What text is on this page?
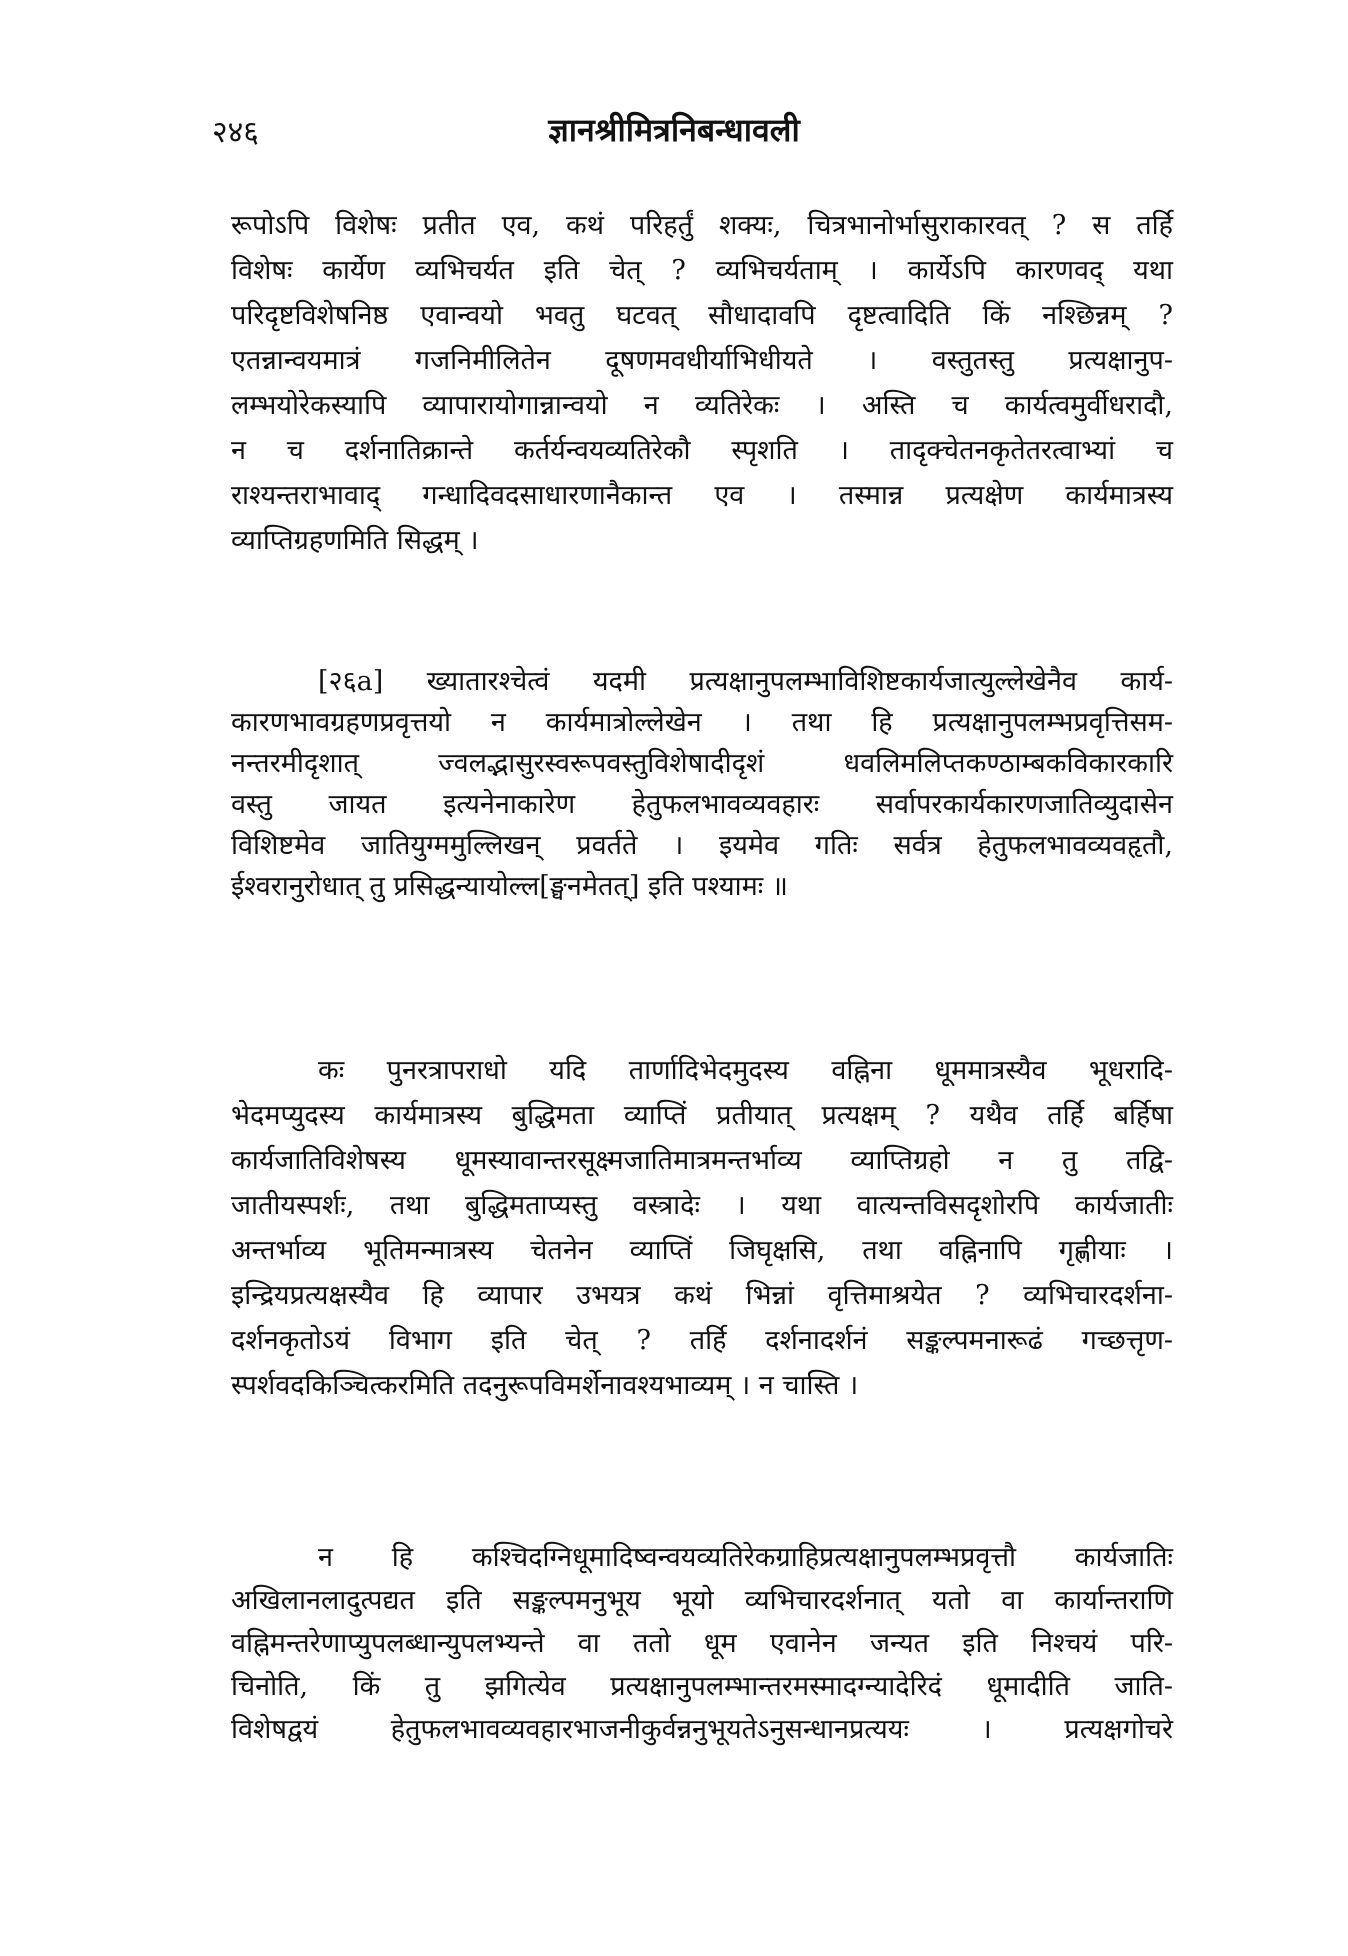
२४६	ज्ञानश्रीमित्रनिबन्धावली
रूपोऽपि विशेषः प्रतीत एव, कथं परिहर्तुं शक्यः, चित्रभानोर्भासुराकारवत् ? स तर्हि
विशेषः कार्येण व्यभिचर्यत इति चेत् ? व्यभिचर्यताम् । कार्येऽपि कारणवद् यथा
परिदृष्टविशेषनिष्ठ एवान्वयो भवतु घटवत् सौधादावपि दृष्टत्वादिति किं नश्छिन्नम् ?
एतन्नान्वयमात्रं गजनिमीलितेन दूषणमवधीर्याभिधीयते । वस्तुतस्तु प्रत्यक्षानुप-
लम्भयोरेकस्यापि व्यापारायोगान्नान्वयो न व्यतिरेकः । अस्ति च कार्यत्वमुर्वीधरादौ,
न च दर्शनातिक्रान्ते कर्तर्यन्वयव्यतिरेकौ स्पृशति । तादृक्चेतनकृतेतरत्वाभ्यां च
राश्यन्तराभावाद् गन्धादिवदसाधारणानैकान्त एव । तस्मान्न प्रत्यक्षेण कार्यमात्रस्य
व्याप्तिग्रहणमिति सिद्धम् ।
[२६a] ख्यातारश्चेत्वं यदमी प्रत्यक्षानुपलम्भाविशिष्टकार्यजात्युल्लेखेनैव कार्य-
कारणभावग्रहणप्रवृत्तयो न कार्यमात्रोल्लेखेन । तथा हि प्रत्यक्षानुपलम्भप्रवृत्तिसम-
नन्तरमीदृशात् ज्वलद्भासुरस्वरूपवस्तुविशेषादीदृशं धवलिमलिप्तकण्ठाम्बकविकारकारि
वस्तु जायत इत्यनेनाकारेण हेतुफलभावव्यवहारः सर्वापरकार्यकारणजातिव्युदासेन
विशिष्टमेव जातियुग्ममुल्लिखन् प्रवर्तते । इयमेव गतिः सर्वत्र हेतुफलभावव्यवहृतौ,
ईश्वरानुरोधात् तु प्रसिद्धन्यायोल्ल[ङ्घनमेतत्] इति पश्यामः ॥
कः पुनरत्रापराधो यदि तार्णादिभेदमुदस्य वह्निना धूममात्रस्यैव भूधरादि-
भेदमप्युदस्य कार्यमात्रस्य बुद्धिमता व्याप्तिं प्रतीयात् प्रत्यक्षम् ? यथैव तर्हि बर्हिषा
कार्यजातिविशेषस्य धूमस्यावान्तरसूक्ष्मजातिमात्रमन्तर्भाव्य व्याप्तिग्रहो न तु तद्वि-
जातीयस्पर्शः, तथा बुद्धिमताप्यस्तु वस्त्रादेः । यथा वात्यन्तविसदृशोरपि कार्यजातीः
अन्तर्भाव्य भूतिमन्मात्रस्य चेतनेन व्याप्तिं जिघृक्षसि, तथा वह्निनापि गृह्णीयाः ।
इन्द्रियप्रत्यक्षस्यैव हि व्यापार उभयत्र कथं भिन्नां वृत्तिमाश्रयेत ? व्यभिचारदर्शना-
दर्शनकृतोऽयं विभाग इति चेत् ? तर्हि दर्शनादर्शनं सङ्कल्पमनारूढं गच्छत्तृण-
स्पर्शवदकिञ्चित्करमिति तदनुरूपविमर्शेनावश्यभाव्यम् । न चास्ति ।
न हि कश्चिदग्निधूमादिष्वन्वयव्यतिरेकग्राहिप्रत्यक्षानुपलम्भप्रवृत्तौ कार्यजातिः
अखिलानलादुत्पद्यत इति सङ्कल्पमनुभूय भूयो व्यभिचारदर्शनात् यतो वा कार्यान्तराणि
वह्निमन्तरेणाप्युपलब्धान्युपलभ्यन्ते वा ततो धूम एवानेन जन्यत इति निश्चयं परि-
चिनोति, किं तु झगित्येव प्रत्यक्षानुपलम्भान्तरमस्मादग्न्यादेरिदं धूमादीति जाति-
विशेषद्वयं हेतुफलभावव्यवहारभाजनीकुर्वन्ननुभूयतेऽनुसन्धानप्रत्ययः । प्रत्यक्षगोचरे
